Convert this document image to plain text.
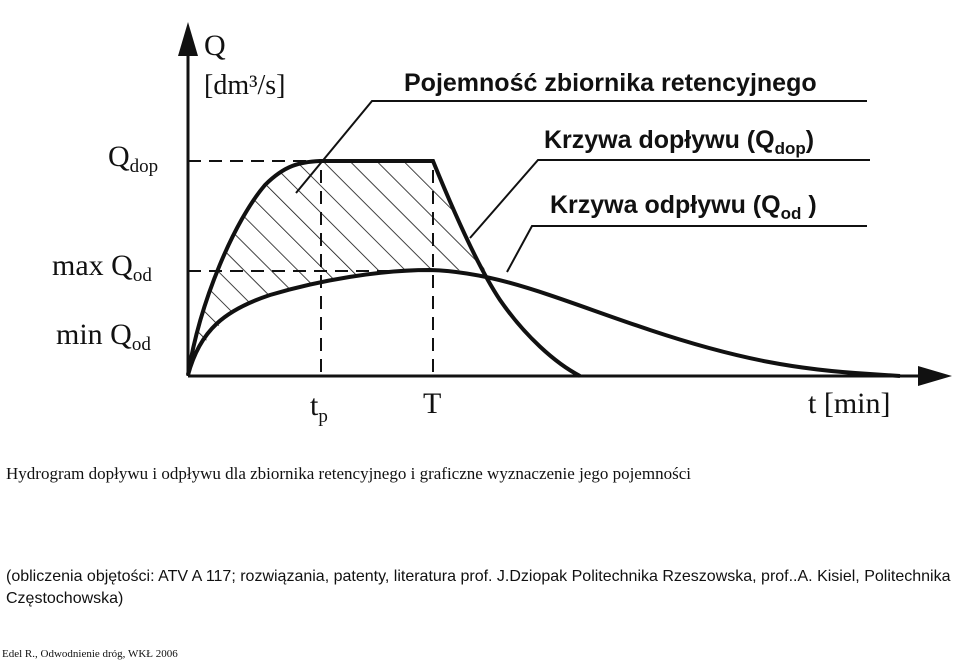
Q
[dm³/s]
$Q_{dop}$
$\max Q_{od}$
$\min Q_{od}$
$t_p$	T	t [min]
Pojemność zbiornika retencyjnego
Krzywa dopływu $(Q_{dop})$
Krzywa odpływu ($Q_{od}$ )

Hydrogram dopływu i odpływu dla zbiornika retencyjnego i graficzne wyznaczenie jego pojemności

(obliczenia objętości: ATV A 117; rozwiązania, patenty, literatura prof. J.Dziopak Politechnika Rzeszowska, prof..A. Kisiel, Politechnika Częstochowska)

Edel R., Odwodnienie dróg, WKŁ 2006
